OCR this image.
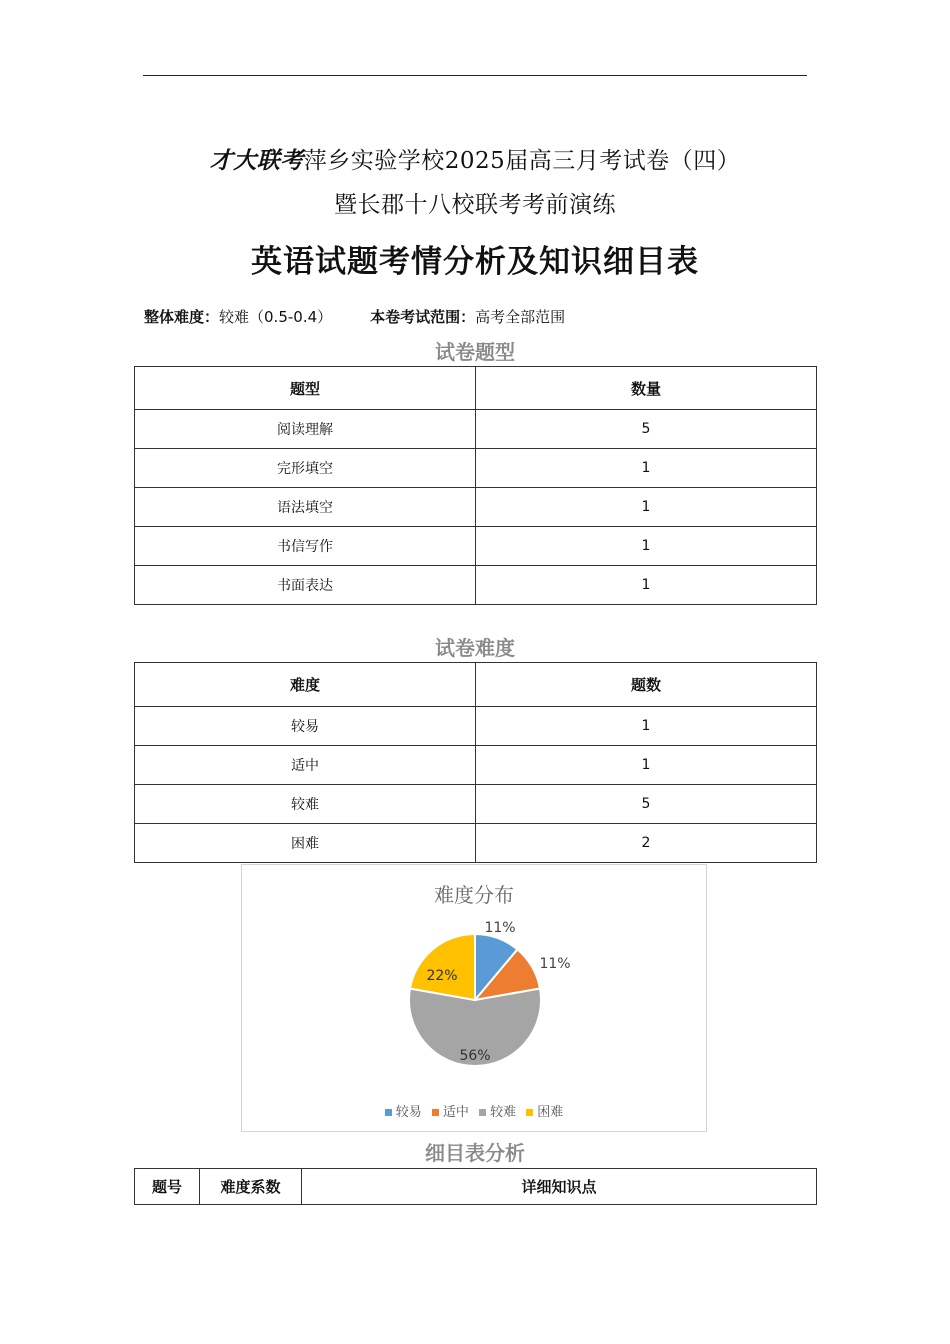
才大联考萍乡实验学校2025届高三月考试卷（四）
暨长郡十八校联考考前演练
英语试题考情分析及知识细目表
整体难度：较难（0.5-0.4）	本卷考试范围：高考全部范围
试卷题型
题型	数量
阅读理解	5
完形填空	1
语法填空	1
书信写作	1
书面表达	1
试卷难度
难度	题数
较易	1
适中	1
较难	5
困难	2
难度分布
11%
11%
56%
22%
较易 适中 较难 困难
细目表分析
题号	难度系数	详细知识点
